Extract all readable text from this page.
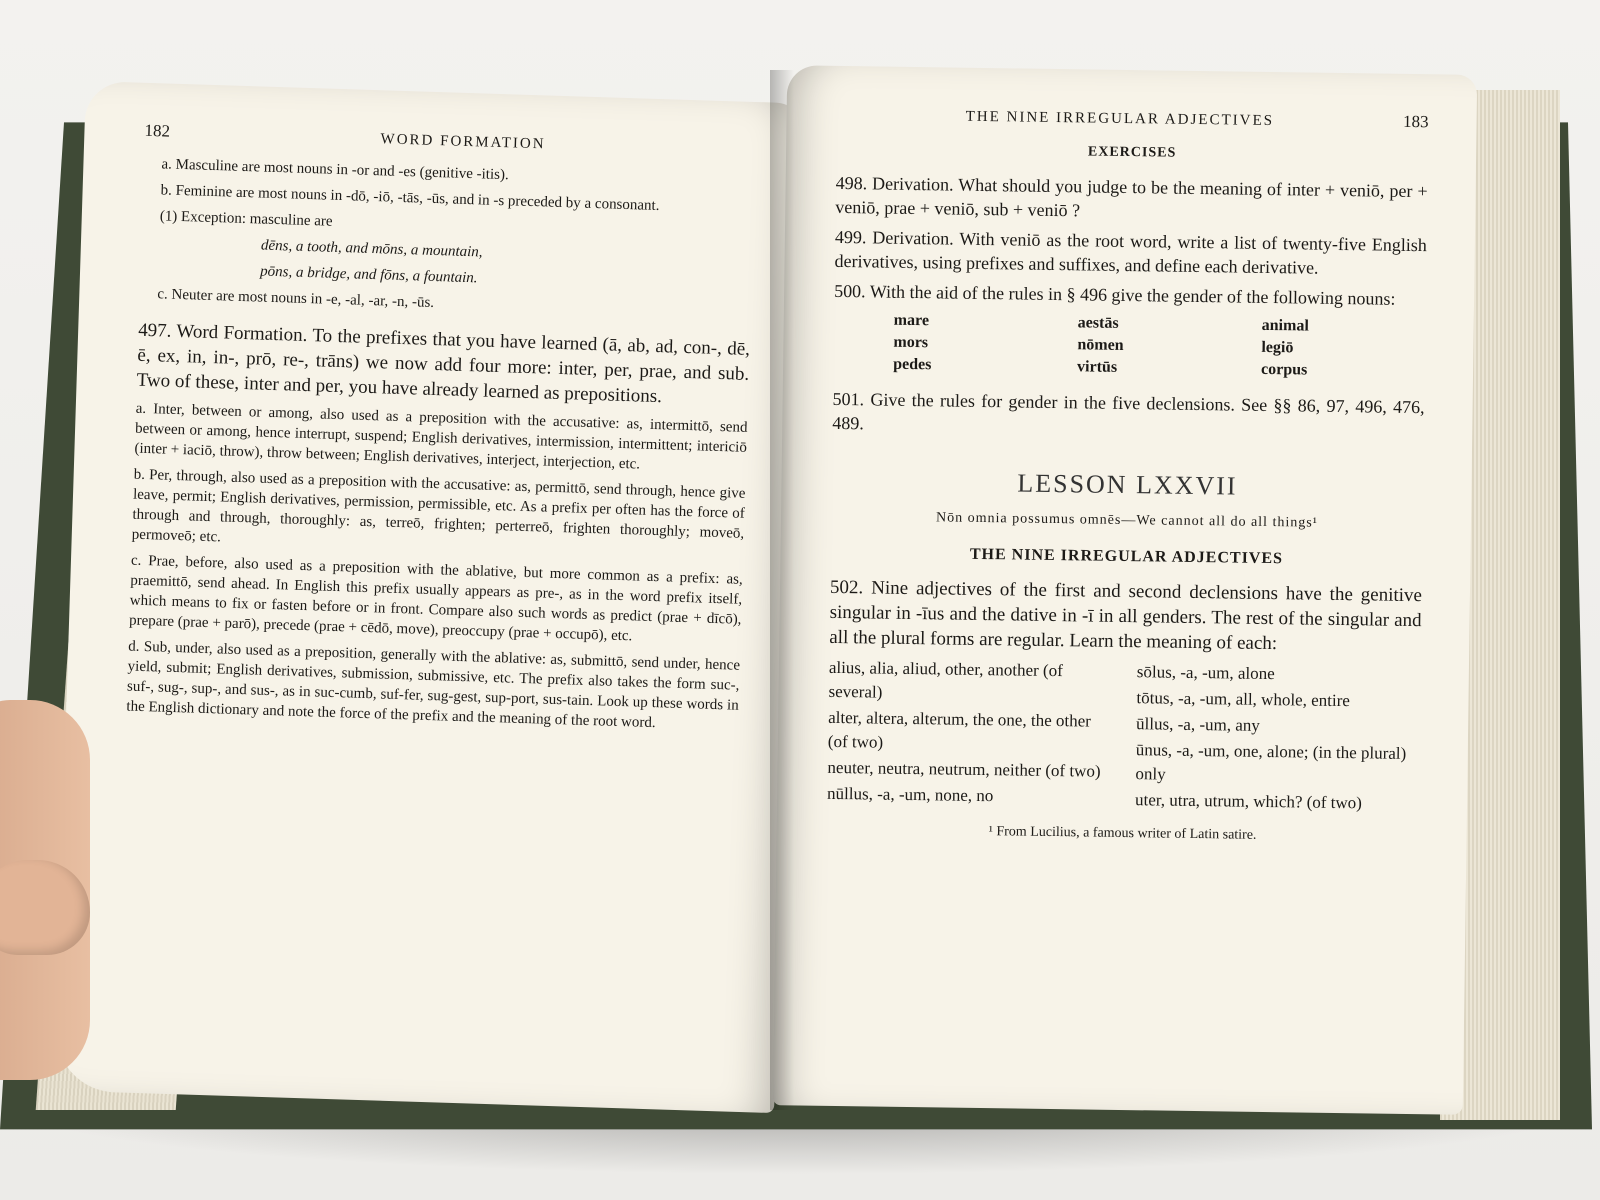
182
WORD FORMATION

a. Masculine are most nouns in -or and -es (genitive -itis).

b. Feminine are most nouns in -dō, -iō, -tās, -ūs, and in -s preceded by a consonant.

(1) Exception: masculine are

dēns, a tooth, and mōns, a mountain,

pōns, a bridge, and fōns, a fountain.

c. Neuter are most nouns in -e, -al, -ar, -n, -ūs.

497. Word Formation. To the prefixes that you have learned (ā, ab, ad, con-, dē, ē, ex, in, in-, prō, re-, trāns) we now add four more: inter, per, prae, and sub. Two of these, inter and per, you have already learned as prepositions.

a. Inter, between or among, also used as a preposition with the accusative: as, intermittō, send between or among, hence interrupt, suspend; English derivatives, intermission, intermittent; intericiō (inter + iaciō, throw), throw between; English derivatives, interject, interjection, etc.

b. Per, through, also used as a preposition with the accusative: as, permittō, send through, hence give leave, permit; English derivatives, permission, permissible, etc. As a prefix per often has the force of through and through, thoroughly: as, terreō, frighten; perterreō, frighten thoroughly; moveō, permoveō; etc.

c. Prae, before, also used as a preposition with the ablative, but more common as a prefix: as, praemittō, send ahead. In English this prefix usually appears as pre-, as in the word prefix itself, which means to fix or fasten before or in front. Compare also such words as predict (prae + dīcō), prepare (prae + parō), precede (prae + cēdō, move), preoccupy (prae + occupō), etc.

d. Sub, under, also used as a preposition, generally with the ablative: as, submittō, send under, hence yield, submit; English derivatives, submission, submissive, etc. The prefix also takes the form suc-, suf-, sug-, sup-, and sus-, as in suc-cumb, suf-fer, sug-gest, sup-port, sus-tain. Look up these words in the English dictionary and note the force of the prefix and the meaning of the root word.

THE NINE IRREGULAR ADJECTIVES	183
EXERCISES

498. Derivation. What should you judge to be the meaning of inter + veniō, per + veniō, prae + veniō, sub + veniō ?

499. Derivation. With veniō as the root word, write a list of twenty-five English derivatives, using prefixes and suffixes, and define each derivative.

500. With the aid of the rules in § 496 give the gender of the following nouns:

mare	aestās	animal
mors	nōmen	legiō
pedes	virtūs	corpus

501. Give the rules for gender in the five declensions. See §§ 86, 97, 496, 476, 489.

LESSON LXXVII
Nōn omnia possumus omnēs—We cannot all do all things¹
THE NINE IRREGULAR ADJECTIVES

502. Nine adjectives of the first and second declensions have the genitive singular in -īus and the dative in -ī in all genders. The rest of the singular and all the plural forms are regular. Learn the meaning of each:

alius, alia, aliud, other, another (of several)
alter, altera, alterum, the one, the other (of two)
neuter, neutra, neutrum, neither (of two)
nūllus, -a, -um, none, no
sōlus, -a, -um, alone
tōtus, -a, -um, all, whole, entire
ūllus, -a, -um, any
ūnus, -a, -um, one, alone; (in the plural) only
uter, utra, utrum, which? (of two)
¹ From Lucilius, a famous writer of Latin satire.
